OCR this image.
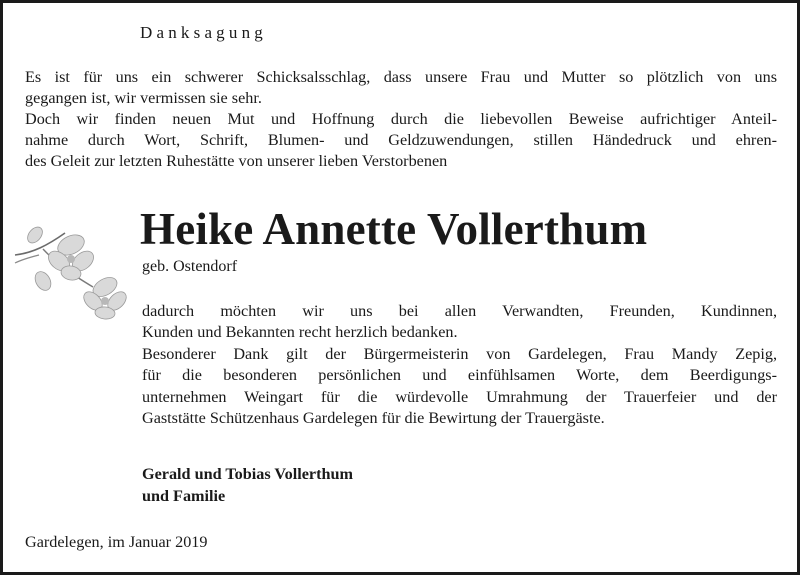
Danksagung
Es ist für uns ein schwerer Schicksalsschlag, dass unsere Frau und Mutter so plötzlich von uns
gegangen ist, wir vermissen sie sehr.
Doch wir finden neuen Mut und Hoffnung durch die liebevollen Beweise aufrichtiger Anteil-
nahme durch Wort, Schrift, Blumen- und Geldzuwendungen, stillen Händedruck und ehren-
des Geleit zur letzten Ruhestätte von unserer lieben Verstorbenen
Heike Annette Vollerthum
geb. Ostendorf
dadurch möchten wir uns bei allen Verwandten, Freunden, Kundinnen,
Kunden und Bekannten recht herzlich bedanken.
Besonderer Dank gilt der Bürgermeisterin von Gardelegen, Frau Mandy Zepig,
für die besonderen persönlichen und einfühlsamen Worte, dem Beerdigungs-
unternehmen Weingart für die würdevolle Umrahmung der Trauerfeier und der
Gaststätte Schützenhaus Gardelegen für die Bewirtung der Trauergäste.
Gerald und Tobias Vollerthum
und Familie
Gardelegen, im Januar 2019
